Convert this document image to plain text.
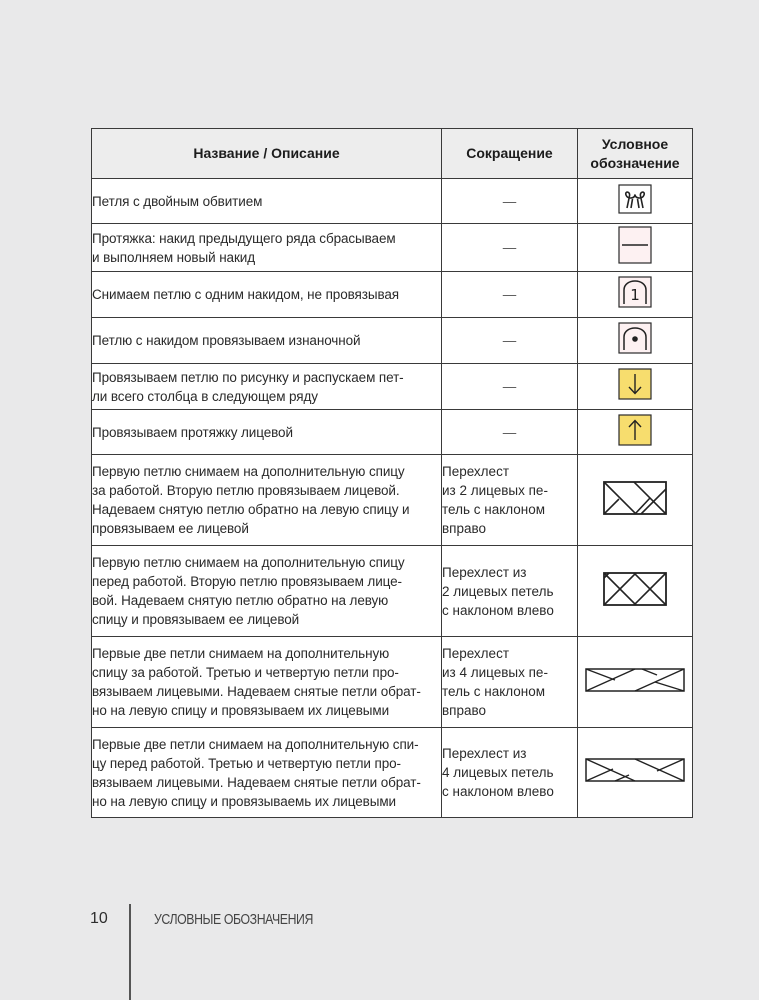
Название / Описание	Сокращение	Условное
обозначение
Петля с двойным обвитием	—	
Протяжка: накид предыдущего ряда сбрасываем
и выполняем новый накид	—	
Снимаем петлю с одним накидом, не провязывая	—	1

Петлю с накидом провязываем изнаночной	—	
Провязываем петлю по рисунку и распускаем пет-
ли всего столбца в следующем ряду	—	
Провязываем протяжку лицевой	—	
Первую петлю снимаем на дополнительную спицу
за работой. Вторую петлю провязываем лицевой.
Надеваем снятую петлю обратно на левую спицу и
провязываем ее лицевой	Перехлест
из 2 лицевых пе-
тель с наклоном
вправо	
Первую петлю снимаем на дополнительную спицу
перед работой. Вторую петлю провязываем лице-
вой. Надеваем снятую петлю обратно на левую
спицу и провязываем ее лицевой	Перехлест из
2 лицевых петель
с наклоном влево	
Первые две петли снимаем на дополнительную
спицу за работой. Третью и четвертую петли про-
вязываем лицевыми. Надеваем снятые петли обрат-
но на левую спицу и провязываем их лицевыми	Перехлест
из 4 лицевых пе-
тель с наклоном
вправо	
Первые две петли снимаем на дополнительную спи-
цу перед работой. Третью и четвертую петли про-
вязываем лицевыми. Надеваем снятые петли обрат-
но на левую спицу и провязываемь их лицевыми	Перехлест из
4 лицевых петель
с наклоном влево	
10	УСЛОВНЫЕ ОБОЗНАЧЕНИЯ
